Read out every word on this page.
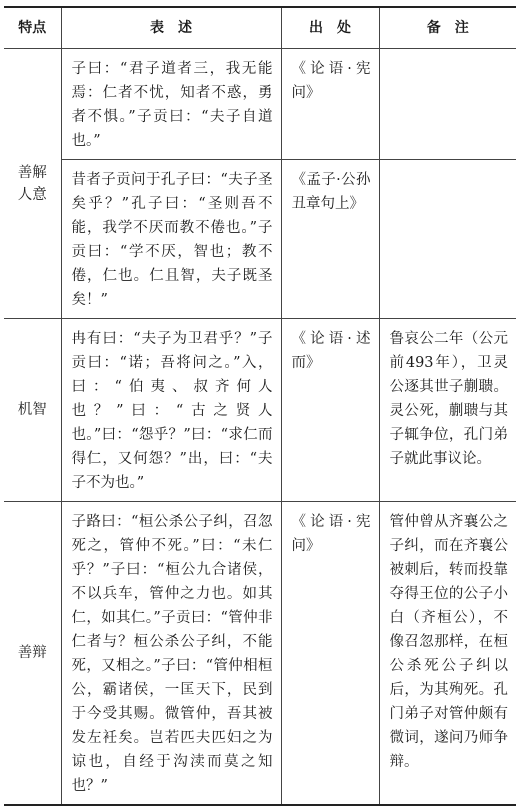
特点	表　述	出　处	备　注
善解
人意	子曰：“君子道者三，我无能焉：仁者不忧，知者不惑，勇者不惧。”子贡曰：“夫子自道也。”	《论语·宪问》	

	昔者子贡问于孔子曰：“夫子圣矣乎？”孔子曰：“圣则吾不能，我学不厌而教不倦也。”子贡曰：“学不厌，智也；教不倦，仁也。仁且智，夫子既圣矣！”	《孟子·公孙丑章句上》	

机智	冉有曰：“夫子为卫君乎？”子贡曰：“诺；吾将问之。”入，曰：“伯夷、叔齐何人也？”曰：“古之贤人也。”曰：“怨乎？”曰：“求仁而得仁，又何怨？”出，曰：“夫子不为也。”	《论语·述而》	鲁哀公二年（公元前493年），卫灵公逐其世子蒯聩。灵公死，蒯聩与其子辄争位，孔门弟子就此事议论。

善辩	子路曰：“桓公杀公子纠，召忽死之，管仲不死。”曰：“未仁乎？”子曰：“桓公九合诸侯，不以兵车，管仲之力也。如其仁，如其仁。”子贡曰：“管仲非仁者与？桓公杀公子纠，不能死，又相之。”子曰：“管仲相桓公，霸诸侯，一匡天下，民到于今受其赐。微管仲，吾其被发左衽矣。岂若匹夫匹妇之为谅也，自经于沟渎而莫之知也？”	《论语·宪问》	管仲曾从齐襄公之子纠，而在齐襄公被刺后，转而投靠夺得王位的公子小白（齐桓公），不像召忽那样，在桓公杀死公子纠以后，为其殉死。孔门弟子对管仲颇有微词，遂问乃师争辩。
